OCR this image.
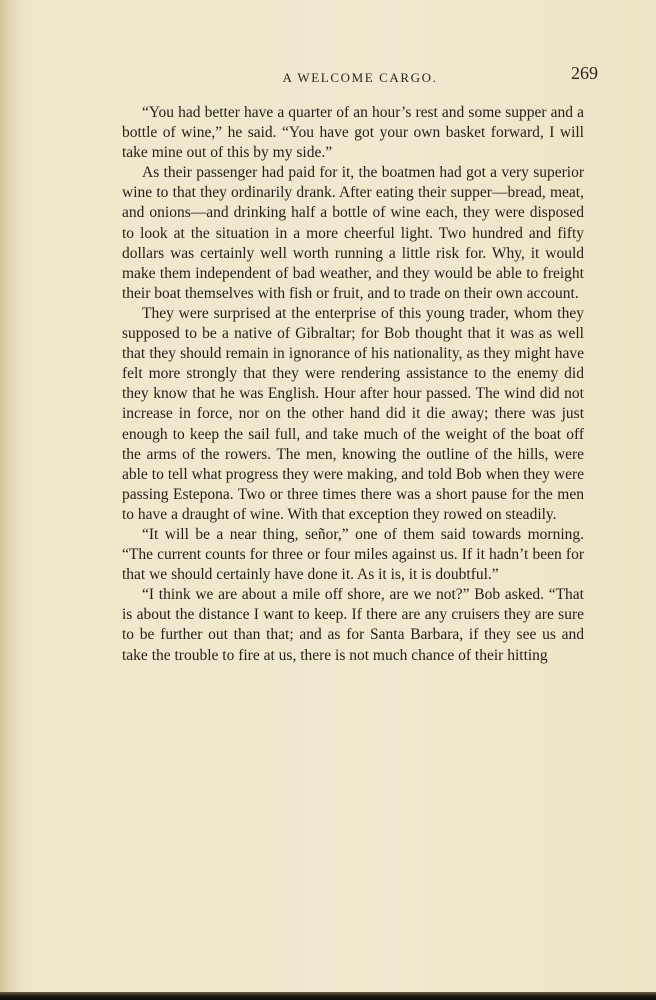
A WELCOME CARGO.	269

“You had better have a quarter of an hour’s rest and some supper and a bottle of wine,” he said. “You have got your own basket forward, I will take mine out of this by my side.”

As their passenger had paid for it, the boatmen had got a very superior wine to that they ordinarily drank. After eating their supper—bread, meat, and onions—and drinking half a bottle of wine each, they were disposed to look at the situation in a more cheerful light. Two hundred and fifty dollars was certainly well worth running a little risk for. Why, it would make them independent of bad weather, and they would be able to freight their boat themselves with fish or fruit, and to trade on their own account.

They were surprised at the enterprise of this young trader, whom they supposed to be a native of Gibraltar; for Bob thought that it was as well that they should remain in ignorance of his nationality, as they might have felt more strongly that they were rendering assistance to the enemy did they know that he was English. Hour after hour passed. The wind did not increase in force, nor on the other hand did it die away; there was just enough to keep the sail full, and take much of the weight of the boat off the arms of the rowers. The men, knowing the outline of the hills, were able to tell what progress they were making, and told Bob when they were passing Estepona. Two or three times there was a short pause for the men to have a draught of wine. With that exception they rowed on steadily.

“It will be a near thing, señor,” one of them said towards morning. “The current counts for three or four miles against us. If it hadn’t been for that we should certainly have done it. As it is, it is doubtful.”

“I think we are about a mile off shore, are we not?” Bob asked. “That is about the distance I want to keep. If there are any cruisers they are sure to be further out than that; and as for Santa Barbara, if they see us and take the trouble to fire at us, there is not much chance of their hitting
